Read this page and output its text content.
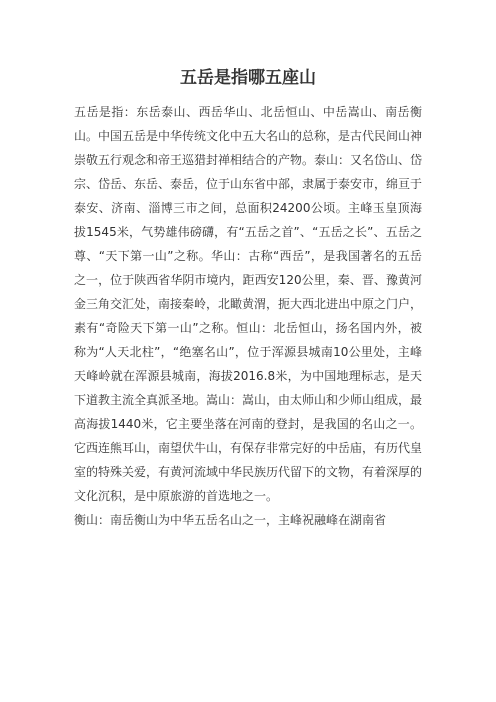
五岳是指哪五座山

五岳是指：东岳泰山、西岳华山、北岳恒山、中岳嵩山、南岳衡山。中国五岳是中华传统文化中五大名山的总称，是古代民间山神崇敬五行观念和帝王巡猎封禅相结合的产物。泰山：又名岱山、岱宗、岱岳、东岳、泰岳，位于山东省中部，隶属于泰安市，绵亘于泰安、济南、淄博三市之间，总面积24200公顷。主峰玉皇顶海拔1545米，气势雄伟磅礴，有“五岳之首”、“五岳之长”、五岳之尊、“天下第一山”之称。华山：古称“西岳”，是我国著名的五岳之一，位于陕西省华阴市境内，距西安120公里，秦、晋、豫黄河金三角交汇处，南接秦岭，北瞰黄渭，扼大西北进出中原之门户，素有“奇险天下第一山”之称。恒山：北岳恒山，扬名国内外，被称为“人天北柱”，“绝塞名山”，位于浑源县城南10公里处，主峰天峰岭就在浑源县城南，海拔2016.8米，为中国地理标志，是天下道教主流全真派圣地。嵩山：嵩山，由太师山和少师山组成，最高海拔1440米，它主要坐落在河南的登封，是我国的名山之一。它西连熊耳山，南望伏牛山，有保存非常完好的中岳庙，有历代皇室的特殊关爱，有黄河流域中华民族历代留下的文物，有着深厚的文化沉积，是中原旅游的首选地之一。

衡山：南岳衡山为中华五岳名山之一，主峰祝融峰在湖南省
